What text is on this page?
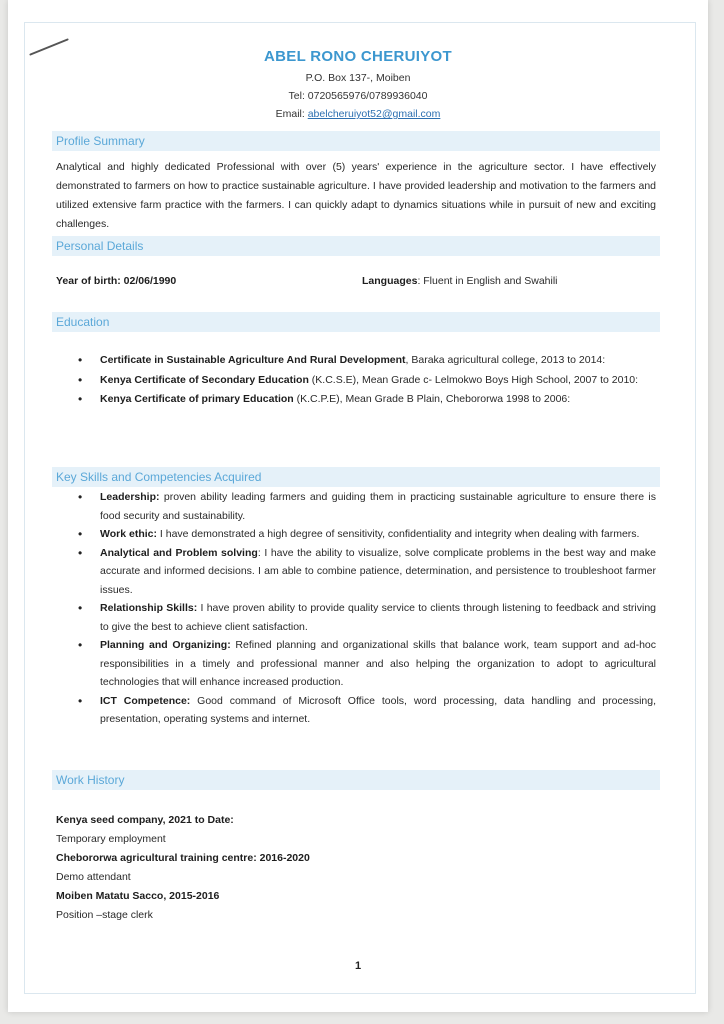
ABEL RONO CHERUIYOT
P.O. Box 137-, Moiben
Tel: 0720565976/0789936040
Email: abelcheruiyot52@gmail.com
Profile Summary
Analytical and highly dedicated Professional with over (5) years' experience in the agriculture sector. I have effectively demonstrated to farmers on how to practice sustainable agriculture. I have provided leadership and motivation to the farmers and utilized extensive farm practice with the farmers. I can quickly adapt to dynamics situations while in pursuit of new and exciting challenges.
Personal Details
Year of birth: 02/06/1990	Languages: Fluent in English and Swahili
Education
• Certificate in Sustainable Agriculture And Rural Development, Baraka agricultural college, 2013 to 2014:
• Kenya Certificate of Secondary Education (K.C.S.E), Mean Grade c- Lelmokwo Boys High School, 2007 to 2010:
• Kenya Certificate of primary Education (K.C.P.E), Mean Grade B Plain, Chebororwa 1998 to 2006:
Key Skills and Competencies Acquired
• Leadership: proven ability leading farmers and guiding them in practicing sustainable agriculture to ensure there is food security and sustainability.
• Work ethic: I have demonstrated a high degree of sensitivity, confidentiality and integrity when dealing with farmers.
• Analytical and Problem solving: I have the ability to visualize, solve complicate problems in the best way and make accurate and informed decisions. I am able to combine patience, determination, and persistence to troubleshoot farmer issues.
• Relationship Skills: I have proven ability to provide quality service to clients through listening to feedback and striving to give the best to achieve client satisfaction.
• Planning and Organizing: Refined planning and organizational skills that balance work, team support and ad-hoc responsibilities in a timely and professional manner and also helping the organization to adopt to agricultural technologies that will enhance increased production.
• ICT Competence: Good command of Microsoft Office tools, word processing, data handling and processing, presentation, operating systems and internet.
Work History
Kenya seed company, 2021 to Date:
Temporary employment
Chebororwa agricultural training centre: 2016-2020
Demo attendant
Moiben Matatu Sacco, 2015-2016
Position –stage clerk
1
